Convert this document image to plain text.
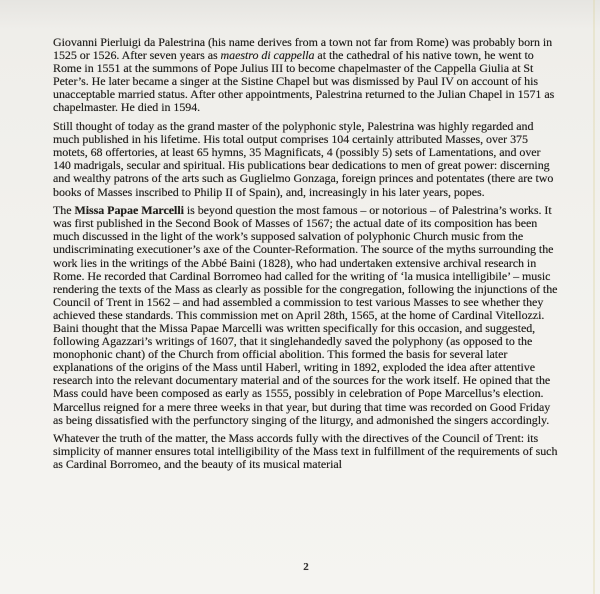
Giovanni Pierluigi da Palestrina (his name derives from a town not far from Rome) was probably born in 1525 or 1526. After seven years as maestro di cappella at the cathedral of his native town, he went to Rome in 1551 at the summons of Pope Julius III to become chapelmaster of the Cappella Giulia at St Peter’s. He later became a singer at the Sistine Chapel but was dismissed by Paul IV on account of his unacceptable married status. After other appointments, Palestrina returned to the Julian Chapel in 1571 as chapelmaster. He died in 1594.

Still thought of today as the grand master of the polyphonic style, Palestrina was highly regarded and much published in his lifetime. His total output comprises 104 certainly attributed Masses, over 375 motets, 68 offertories, at least 65 hymns, 35 Magnificats, 4 (possibly 5) sets of Lamentations, and over 140 madrigals, secular and spiritual. His publications bear dedications to men of great power: discerning and wealthy patrons of the arts such as Guglielmo Gonzaga, foreign princes and potentates (there are two books of Masses inscribed to Philip II of Spain), and, increasingly in his later years, popes.

The Missa Papae Marcelli is beyond question the most famous – or notorious – of Palestrina’s works. It was first published in the Second Book of Masses of 1567; the actual date of its composition has been much discussed in the light of the work’s supposed salvation of polyphonic Church music from the undiscriminating executioner’s axe of the Counter-Reformation. The source of the myths surrounding the work lies in the writings of the Abbé Baini (1828), who had undertaken extensive archival research in Rome. He recorded that Cardinal Borromeo had called for the writing of ‘la musica intelligibile’ – music rendering the texts of the Mass as clearly as possible for the congregation, following the injunctions of the Council of Trent in 1562 – and had assembled a commission to test various Masses to see whether they achieved these standards. This commission met on April 28th, 1565, at the home of Cardinal Vitellozzi. Baini thought that the Missa Papae Marcelli was written specifically for this occasion, and suggested, following Agazzari’s writings of 1607, that it singlehandedly saved the polyphony (as opposed to the monophonic chant) of the Church from official abolition. This formed the basis for several later explanations of the origins of the Mass until Haberl, writing in 1892, exploded the idea after attentive research into the relevant documentary material and of the sources for the work itself. He opined that the Mass could have been composed as early as 1555, possibly in celebration of Pope Marcellus’s election. Marcellus reigned for a mere three weeks in that year, but during that time was recorded on Good Friday as being dissatisfied with the perfunctory singing of the liturgy, and admonished the singers accordingly.

Whatever the truth of the matter, the Mass accords fully with the directives of the Council of Trent: its simplicity of manner ensures total intelligibility of the Mass text in fulfillment of the requirements of such as Cardinal Borromeo, and the beauty of its musical material

2
